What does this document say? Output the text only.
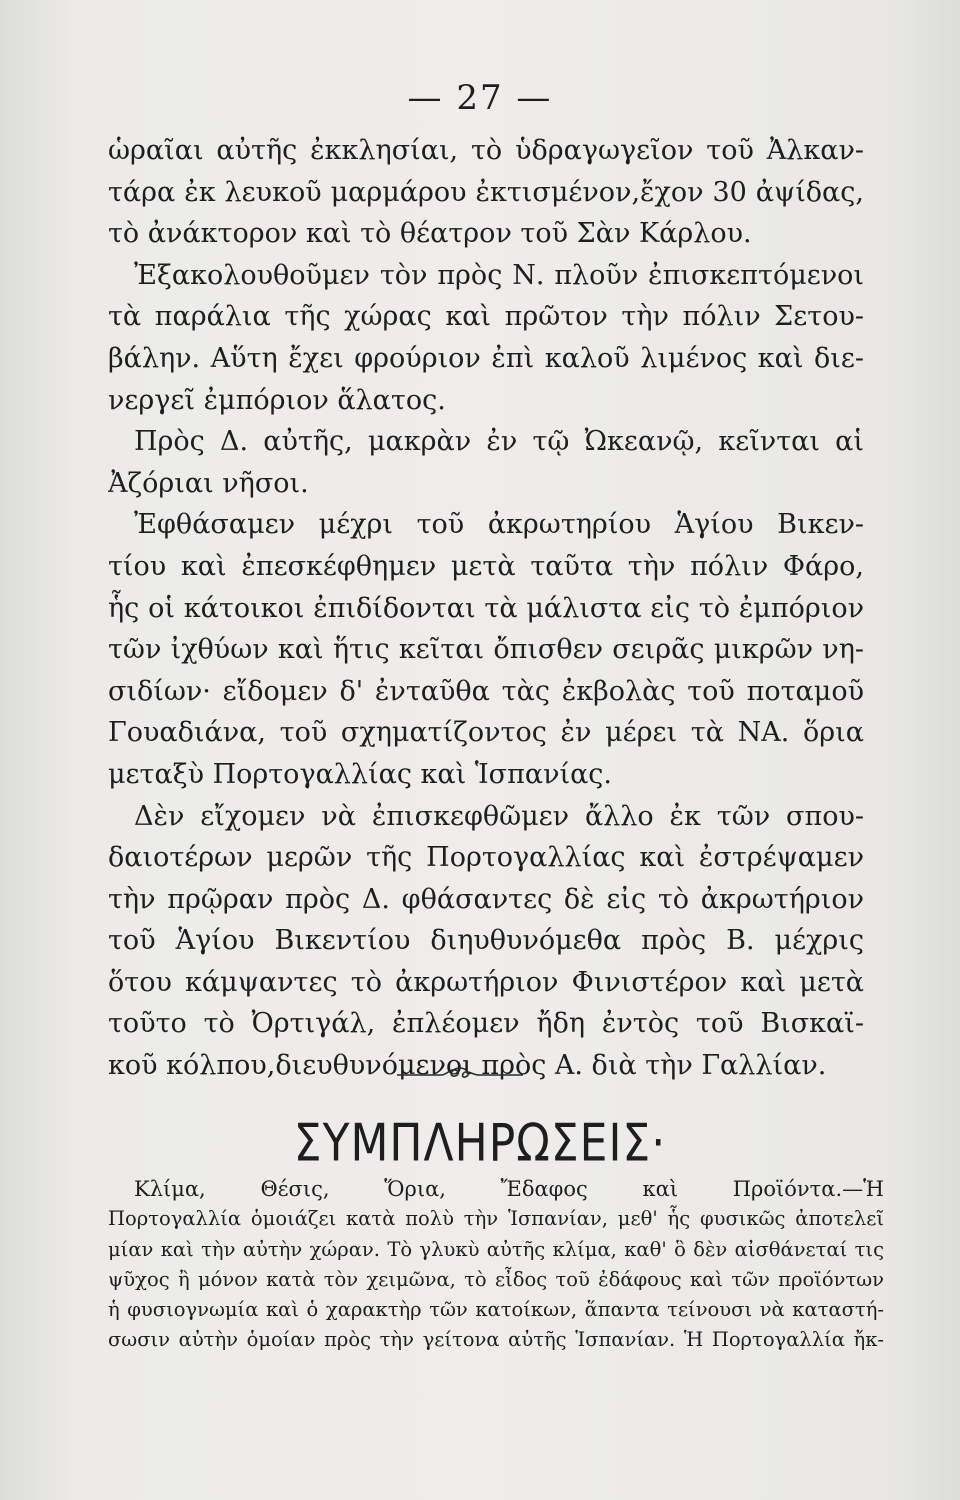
— 27 —
ὡραῖαι αὐτῆς ἐκκλησίαι, τὸ ὑδραγωγεῖον τοῦ Ἀλκαν-
τάρα ἐκ λευκοῦ μαρμάρου ἐκτισμένον,ἔχον 30 ἀψίδας,
τὸ ἀνάκτορον καὶ τὸ θέατρον τοῦ Σὰν Κάρλου.
Ἐξακολουθοῦμεν τὸν πρὸς Ν. πλοῦν ἐπισκεπτόμενοι
τὰ παράλια τῆς χώρας καὶ πρῶτον τὴν πόλιν Σετου-
βάλην. Αὕτη ἔχει φρούριον ἐπὶ καλοῦ λιμένος καὶ διε-
νεργεῖ ἐμπόριον ἅλατος.
Πρὸς Δ. αὐτῆς, μακρὰν ἐν τῷ Ὠκεανῷ, κεῖνται αἱ
Ἀζόριαι νῆσοι.
Ἐφθάσαμεν μέχρι τοῦ ἀκρωτηρίου Ἁγίου Βικεν-
τίου καὶ ἐπεσκέφθημεν μετὰ ταῦτα τὴν πόλιν Φάρο,
ἧς οἱ κάτοικοι ἐπιδίδονται τὰ μάλιστα εἰς τὸ ἐμπόριον
τῶν ἰχθύων καὶ ἥτις κεῖται ὄπισθεν σειρᾶς μικρῶν νη-
σιδίων· εἴδομεν δ' ἐνταῦθα τὰς ἐκβολὰς τοῦ ποταμοῦ
Γουαδιάνα, τοῦ σχηματίζοντος ἐν μέρει τὰ ΝΑ. ὅρια
μεταξὺ Πορτογαλλίας καὶ Ἱσπανίας.
Δὲν εἴχομεν νὰ ἐπισκεφθῶμεν ἄλλο ἐκ τῶν σπου-
δαιοτέρων μερῶν τῆς Πορτογαλλίας καὶ ἐστρέψαμεν
τὴν πρῷραν πρὸς Δ. φθάσαντες δὲ εἰς τὸ ἀκρωτήριον
τοῦ Ἁγίου Βικεντίου διηυθυνόμεθα πρὸς Β. μέχρις
ὅτου κάμψαντες τὸ ἀκρωτήριον Φινιστέρον καὶ μετὰ
τοῦτο τὸ Ὀρτιγάλ, ἐπλέομεν ἤδη ἐντὸς τοῦ Βισκαϊ-
κοῦ κόλπου,διευθυνόμενοι πρὸς Α. διὰ τὴν Γαλλίαν.
ΣΥΜΠΛΗΡΩΣΕΙΣ·
Κλίμα, Θέσις, Ὅρια, Ἔδαφος καὶ Προϊόντα.—Ἡ
Πορτογαλλία ὁμοιάζει κατὰ πολὺ τὴν Ἱσπανίαν, μεθ' ἧς φυσικῶς ἀποτελεῖ
μίαν καὶ τὴν αὐτὴν χώραν. Τὸ γλυκὺ αὐτῆς κλίμα, καθ' ὃ δὲν αἰσθάνεταί τις
ψῦχος ἢ μόνον κατὰ τὸν χειμῶνα, τὸ εἶδος τοῦ ἐδάφους καὶ τῶν προϊόντων
ἡ φυσιογνωμία καὶ ὁ χαρακτὴρ τῶν κατοίκων, ἅπαντα τείνουσι νὰ καταστή-
σωσιν αὐτὴν ὁμοίαν πρὸς τὴν γείτονα αὐτῆς Ἱσπανίαν. Ἡ Πορτογαλλία ἤκ-
